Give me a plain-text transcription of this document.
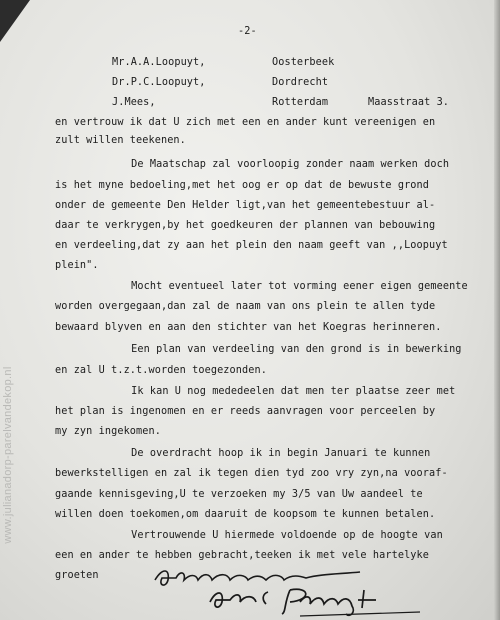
www.julianadorp-parelvandekop.nl
-2-
Mr.A.A.Loopuyt,	Oosterbeek
Dr.P.C.Loopuyt,	Dordrecht
J.Mees,	Rotterdam	Maasstraat 3.
en vertrouw ik dat U zich met een en ander kunt vereenigen en
zult willen teekenen.
De Maatschap zal voorloopig zonder naam werken doch
is het myne bedoeling,met het oog er op dat de bewuste grond
onder de gemeente Den Helder ligt,van het gemeentebestuur al-
daar te verkrygen,by het goedkeuren der plannen van bebouwing
en verdeeling,dat zy aan het plein den naam geeft van ,,Loopuyt
plein".
Mocht eventueel later tot vorming eener eigen gemeente
worden overgegaan,dan zal de naam van ons plein te allen tyde
bewaard blyven en aan den stichter van het Koegras herinneren.
Een plan van verdeeling van den grond is in bewerking
en zal U t.z.t.worden toegezonden.
Ik kan U nog mededeelen dat men ter plaatse zeer met
het plan is ingenomen en er reeds aanvragen voor perceelen by
my zyn ingekomen.
De overdracht hoop ik in begin Januari te kunnen
bewerkstelligen en zal ik tegen dien tyd zoo vry zyn,na vooraf-
gaande kennisgeving,U te verzoeken my 3/5 van Uw aandeel te
willen doen toekomen,om daaruit de koopsom te kunnen betalen.
Vertrouwende U hiermede voldoende op de hoogte van
een en ander te hebben gebracht,teeken ik met vele hartelyke
groeten
